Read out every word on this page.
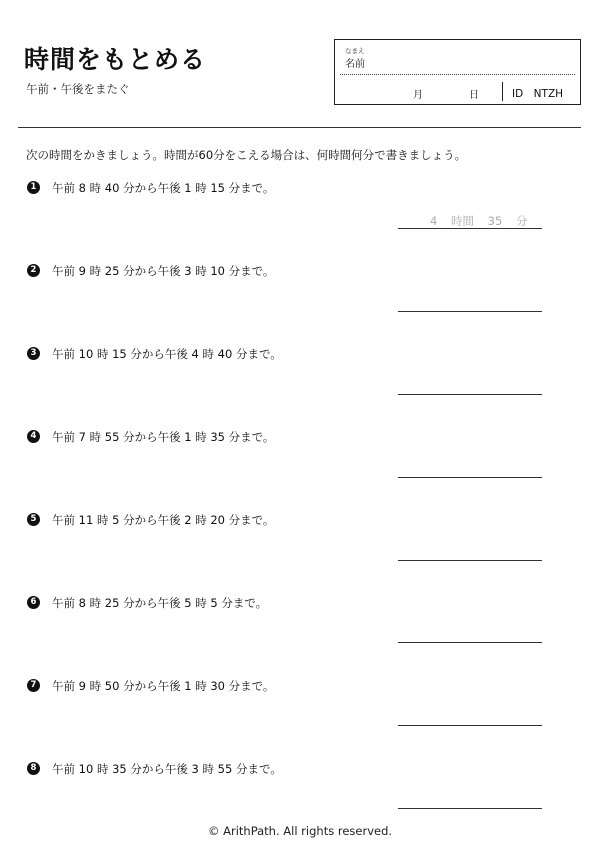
時間をもとめる
午前・午後をまたぐ
なまえ
名前
月	日	ID　NTZH
次の時間をかきましょう。時間が60分をこえる場合は、何時間何分で書きましょう。
1	午前 8 時 40 分から午後 1 時 15 分まで。
4 時間 35 分
2	午前 9 時 25 分から午後 3 時 10 分まで。
3	午前 10 時 15 分から午後 4 時 40 分まで。
4	午前 7 時 55 分から午後 1 時 35 分まで。
5	午前 11 時 5 分から午後 2 時 20 分まで。
6	午前 8 時 25 分から午後 5 時 5 分まで。
7	午前 9 時 50 分から午後 1 時 30 分まで。
8	午前 10 時 35 分から午後 3 時 55 分まで。
© ArithPath. All rights reserved.
